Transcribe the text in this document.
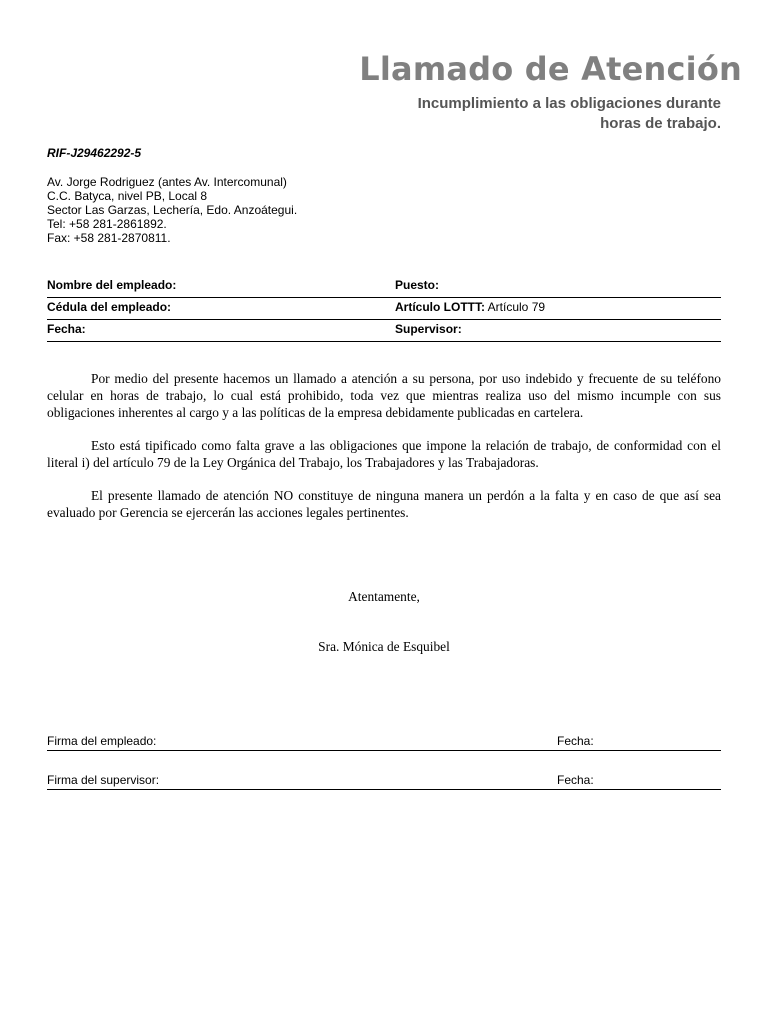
Llamado de Atención
Incumplimiento a las obligaciones durante
horas de trabajo.
RIF-J29462292-5
Av. Jorge Rodriguez (antes Av. Intercomunal)
C.C. Batyca, nivel PB, Local 8
Sector Las Garzas, Lechería, Edo. Anzoátegui.
Tel: +58 281-2861892.
Fax: +58 281-2870811.
Nombre del empleado:	Puesto:
Cédula del empleado:	Artículo LOTTT: Artículo 79
Fecha:	Supervisor:

Por medio del presente hacemos un llamado a atención a su persona, por uso indebido y frecuente de su teléfono celular en horas de trabajo, lo cual está prohibido, toda vez que mientras realiza uso del mismo incumple con sus obligaciones inherentes al cargo y a las políticas de la empresa debidamente publicadas en cartelera.

Esto está tipificado como falta grave a las obligaciones que impone la relación de trabajo, de conformidad con el literal i) del artículo 79 de la Ley Orgánica del Trabajo, los Trabajadores y las Trabajadoras.

El presente llamado de atención NO constituye de ninguna manera un perdón a la falta y en caso de que así sea evaluado por Gerencia se ejercerán las acciones legales pertinentes.

Atentamente,
Sra. Mónica de Esquibel
Firma del empleado:	Fecha:
Firma del supervisor:	Fecha:
